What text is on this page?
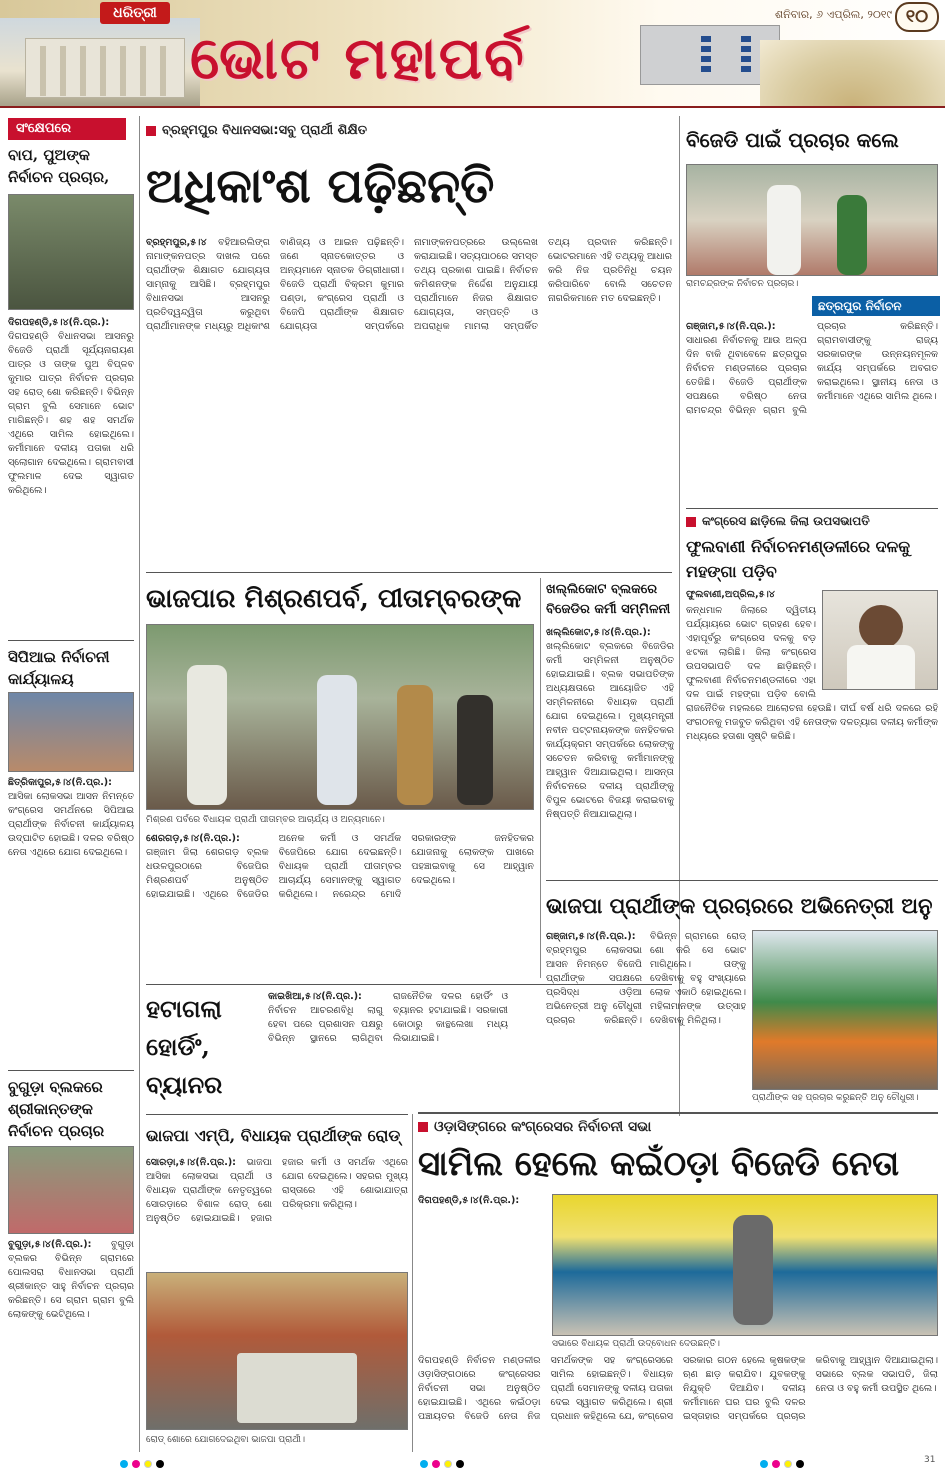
ଧରିତ୍ରୀ
ଭୋଟ ମହାପର୍ବ
ଶନିବାର, ୬ ଏପ୍ରିଲ, ୨୦୧୯ ୧୦
ସଂକ୍ଷେପରେ
ବାପ, ପୁଅଙ୍କ ନିର୍ବାଚନ ପ୍ରଚାର,
ଦିଗପହଣ୍ଡି,୫।୪(ନି.ପ୍ର.): ଦିଗପହଣ୍ଡି ବିଧାନସଭା ଆସନରୁ ବିଜେଡି ପ୍ରାର୍ଥୀ ସୂର୍ଯ୍ୟନାରାୟଣ ପାତ୍ର ଓ ତାଙ୍କ ପୁଅ ବିପ୍ଳବ କୁମାର ପାତ୍ର ନିର୍ବାଚନ ପ୍ରଚାର ସହ ରୋଡ୍ ଶୋ କରିଛନ୍ତି। ବିଭିନ୍ନ ଗ୍ରାମ ବୁଲି ସେମାନେ ଭୋଟ ମାଗିଛନ୍ତି। ଶହ ଶହ ସମର୍ଥକ ଏଥିରେ ସାମିଲ ହୋଇଥିଲେ। କର୍ମୀମାନେ ଦଳୀୟ ପତାକା ଧରି ସ୍ଲୋଗାନ ଦେଇଥିଲେ। ଗ୍ରାମବାସୀ ଫୁଲମାଳ ଦେଇ ସ୍ୱାଗତ କରିଥିଲେ।
ସିପିଆଇ ନିର୍ବାଚନୀ କାର୍ଯ୍ୟାଳୟ
ଛିତ୍ରିକାପୁର,୫।୪(ନି.ପ୍ର.): ଆସିକା ଲୋକସଭା ଆସନ ନିମନ୍ତେ କଂଗ୍ରେସ ସମର୍ଥନରେ ସିପିଆଇ ପ୍ରାର୍ଥୀଙ୍କ ନିର୍ବାଚନୀ କାର୍ଯ୍ୟାଳୟ ଉଦ୍‌ଘାଟିତ ହୋଇଛି। ଦଳର ବରିଷ୍ଠ ନେତା ଏଥିରେ ଯୋଗ ଦେଇଥିଲେ।
ବୁଗୁଡ଼ା ବ୍ଲକରେ ଶ୍ରୀକାନ୍ତଙ୍କ ନିର୍ବାଚନ ପ୍ରଚାର
ବୁଗୁଡ଼ା,୫।୪(ନି.ପ୍ର.): ବୁଗୁଡ଼ା ବ୍ଲକର ବିଭିନ୍ନ ଗ୍ରାମରେ ପୋଲସରା ବିଧାନସଭା ପ୍ରାର୍ଥୀ ଶ୍ରୀକାନ୍ତ ସାହୁ ନିର୍ବାଚନ ପ୍ରଚାର କରିଛନ୍ତି। ସେ ଗ୍ରାମ ଗ୍ରାମ ବୁଲି ଲୋକଙ୍କୁ ଭେଟିଥିଲେ।
ବ୍ରହ୍ମପୁର ବିଧାନସଭା:ସବୁ ପ୍ରାର୍ଥୀ ଶିକ୍ଷିତ
ଅଧିକାଂଶ ପଢ଼ିଛନ୍ତି
ବ୍ରହ୍ମପୁର,୫।୪ ବହିଆରଲିଙ୍ଗ ନାମାଙ୍କନପତ୍ର ଦାଖଲ ପରେ ପ୍ରାର୍ଥୀଙ୍କ ଶିକ୍ଷାଗତ ଯୋଗ୍ୟତା ସାମ୍ନାକୁ ଆସିଛି। ବ୍ରହ୍ମପୁର ବିଧାନସଭା ଆସନରୁ ପ୍ରତିଦ୍ୱନ୍ଦ୍ୱିତା କରୁଥିବା ପ୍ରାର୍ଥୀମାନଙ୍କ ମଧ୍ୟରୁ ଅଧିକାଂଶ ବାଣିଜ୍ୟ ଓ ଆଇନ ପଢ଼ିଛନ୍ତି। ଜଣେ ସ୍ନାତକୋତ୍ତର ଓ ଅନ୍ୟମାନେ ସ୍ନାତକ ଡିଗ୍ରୀଧାରୀ। ବିଜେଡି ପ୍ରାର୍ଥୀ ବିକ୍ରମ କୁମାର ପଣ୍ଡା, କଂଗ୍ରେସ ପ୍ରାର୍ଥୀ ଓ ବିଜେପି ପ୍ରାର୍ଥୀଙ୍କ ଶିକ୍ଷାଗତ ଯୋଗ୍ୟତା ସମ୍ପର୍କରେ ନାମାଙ୍କନପତ୍ରରେ ଉଲ୍ଲେଖ କରାଯାଇଛି। ସତ୍ୟପାଠରେ ସମସ୍ତ ତଥ୍ୟ ପ୍ରକାଶ ପାଇଛି। ନିର୍ବାଚନ କମିଶନଙ୍କ ନିର୍ଦ୍ଦେଶ ଅନୁଯାୟୀ ପ୍ରାର୍ଥୀମାନେ ନିଜର ଶିକ୍ଷାଗତ ଯୋଗ୍ୟତା, ସମ୍ପତ୍ତି ଓ ଅପରାଧିକ ମାମଲା ସମ୍ପର୍କିତ ତଥ୍ୟ ପ୍ରଦାନ କରିଛନ୍ତି। ଭୋଟରମାନେ ଏହି ତଥ୍ୟକୁ ଆଧାର କରି ନିଜ ପ୍ରତିନିଧି ଚୟନ କରିପାରିବେ ବୋଲି ସଚେତନ ନାଗରିକମାନେ ମତ ଦେଇଛନ୍ତି।
ଭାଜପାର ମିଶ୍ରଣପର୍ବ, ପୀତାମ୍ବରଙ୍କ
ମିଶ୍ରଣ ପର୍ବରେ ବିଧାୟକ ପ୍ରାର୍ଥୀ ପୀତାମ୍ବର ଆଚାର୍ଯ୍ୟ ଓ ଅନ୍ୟମାନେ।
ଶେରଗଡ଼,୫।୪(ନି.ପ୍ର.): ଗଞ୍ଜାମ ଜିଲା ଶେରଗଡ଼ ବ୍ଲକ ଧଉଳପୁରଠାରେ ବିଜେପିର ମିଶ୍ରଣପର୍ବ ଅନୁଷ୍ଠିତ ହୋଇଯାଇଛି। ଏଥିରେ ବିଜେଡିର ଅନେକ କର୍ମୀ ଓ ସମର୍ଥକ ବିଜେପିରେ ଯୋଗ ଦେଇଛନ୍ତି। ବିଧାୟକ ପ୍ରାର୍ଥୀ ପୀତାମ୍ବର ଆଚାର୍ଯ୍ୟ ସେମାନଙ୍କୁ ସ୍ୱାଗତ କରିଥିଲେ। ନରେନ୍ଦ୍ର ମୋଦି ସରକାରଙ୍କ ଜନହିତକର ଯୋଜନାକୁ ଲୋକଙ୍କ ପାଖରେ ପହଞ୍ଚାଇବାକୁ ସେ ଆହ୍ୱାନ ଦେଇଥିଲେ।
ଖଲ୍ଲିକୋଟ ବ୍ଲକରେ ବିଜେଡିର କର୍ମୀ ସମ୍ମିଳନୀ
ଖଲ୍ଲିକୋଟ,୫।୪(ନି.ପ୍ର.): ଖଲ୍ଲିକୋଟ ବ୍ଲକରେ ବିଜେଡିର କର୍ମୀ ସମ୍ମିଳନୀ ଅନୁଷ୍ଠିତ ହୋଇଯାଇଛି। ବ୍ଲକ ସଭାପତିଙ୍କ ଅଧ୍ୟକ୍ଷତାରେ ଆୟୋଜିତ ଏହି ସମ୍ମିଳନୀରେ ବିଧାୟକ ପ୍ରାର୍ଥୀ ଯୋଗ ଦେଇଥିଲେ। ମୁଖ୍ୟମନ୍ତ୍ରୀ ନବୀନ ପଟ୍ଟନାୟକଙ୍କ ଜନହିତକର କାର୍ଯ୍ୟକ୍ରମ ସମ୍ପର୍କରେ ଲୋକଙ୍କୁ ସଚେତନ କରିବାକୁ କର୍ମୀମାନଙ୍କୁ ଆହ୍ୱାନ ଦିଆଯାଇଥିଲା। ଆସନ୍ତା ନିର୍ବାଚନରେ ଦଳୀୟ ପ୍ରାର୍ଥୀଙ୍କୁ ବିପୁଳ ଭୋଟରେ ବିଜୟୀ କରାଇବାକୁ ନିଷ୍ପତ୍ତି ନିଆଯାଇଥିଲା।
ହଟାଗଲା ହୋର୍ଡିଂ, ବ୍ୟାନର
କାଇଖିଆ,୫।୪(ନି.ପ୍ର.): ନିର୍ବାଚନ ଆଚରଣବିଧି ଲାଗୁ ହେବା ପରେ ପ୍ରଶାସନ ପକ୍ଷରୁ ବିଭିନ୍ନ ସ୍ଥାନରେ ଲାଗିଥିବା ରାଜନୈତିକ ଦଳର ହୋର୍ଡିଂ ଓ ବ୍ୟାନର ହଟାଯାଇଛି। ସରକାରୀ କୋଠାରୁ କାନ୍ଥଲେଖା ମଧ୍ୟ ଲିଭାଯାଇଛି।
ଭାଜପା ଏମ୍‌ପି, ବିଧାୟକ ପ୍ରାର୍ଥୀଙ୍କ ରୋଡ୍
ସୋରଡ଼ା,୫।୪(ନି.ପ୍ର.): ଭାଜପା ଆସିକା ଲୋକସଭା ପ୍ରାର୍ଥୀ ଓ ବିଧାୟକ ପ୍ରାର୍ଥୀଙ୍କ ନେତୃତ୍ୱରେ ସୋରଡ଼ାରେ ବିଶାଳ ରୋଡ୍ ଶୋ ଅନୁଷ୍ଠିତ ହୋଇଯାଇଛି। ହଜାର ହଜାର କର୍ମୀ ଓ ସମର୍ଥକ ଏଥିରେ ଯୋଗ ଦେଇଥିଲେ। ସହରର ମୁଖ୍ୟ ରାସ୍ତାରେ ଏହି ଶୋଭାଯାତ୍ରା ପରିକ୍ରମା କରିଥିଲା।
ରୋଡ୍ ଶୋରେ ଯୋଗଦେଇଥିବା ଭାଜପା ପ୍ରାର୍ଥୀ।
ବିଜେଡି ପାଇଁ ପ୍ରଚାର କଲେ
ରାମଚନ୍ଦ୍ରଙ୍କ ନିର୍ବାଚନ ପ୍ରଚାର।
ଛତ୍ରପୁର ନିର୍ବାଚନ
ଗଞ୍ଜାମ,୫।୪(ନି.ପ୍ର.): ସାଧାରଣ ନିର୍ବାଚନକୁ ଆଉ ଅଳ୍ପ ଦିନ ବାକି ଥିବାବେଳେ ଛତ୍ରପୁର ନିର୍ବାଚନ ମଣ୍ଡଳୀରେ ପ୍ରଚାର ତେଜିଛି। ବିଜେଡି ପ୍ରାର୍ଥୀଙ୍କ ସପକ୍ଷରେ ବରିଷ୍ଠ ନେତା ରାମଚନ୍ଦ୍ର ବିଭିନ୍ନ ଗ୍ରାମ ବୁଲି ପ୍ରଚାର କରିଛନ୍ତି। ଗ୍ରାମବାସୀଙ୍କୁ ରାଜ୍ୟ ସରକାରଙ୍କ ଉନ୍ନୟନମୂଳକ କାର୍ଯ୍ୟ ସମ୍ପର୍କରେ ଅବଗତ କରାଇଥିଲେ। ସ୍ଥାନୀୟ ନେତା ଓ କର୍ମୀମାନେ ଏଥିରେ ସାମିଲ ଥିଲେ।
କଂଗ୍ରେସ ଛାଡ଼ିଲେ ଜିଲା ଉପସଭାପତି
ଫୁଲବାଣୀ ନିର୍ବାଚନମଣ୍ଡଳୀରେ ଦଳକୁ ମହଙ୍ଗା ପଡ଼ିବ
ଫୁଲବାଣୀ,ଅପ୍ରିଲ,୫।୪
କନ୍ଧମାଳ ଜିଲାରେ ଦ୍ୱିତୀୟ ପର୍ଯ୍ୟାୟରେ ଭୋଟ ଗ୍ରହଣ ହେବ। ଏହାପୂର୍ବରୁ କଂଗ୍ରେସ ଦଳକୁ ବଡ଼ ଝଟକା ଲାଗିଛି। ଜିଲା କଂଗ୍ରେସ ଉପସଭାପତି ଦଳ ଛାଡ଼ିଛନ୍ତି। ଫୁଲବାଣୀ ନିର୍ବାଚନମଣ୍ଡଳୀରେ ଏହା ଦଳ ପାଇଁ ମହଙ୍ଗା ପଡ଼ିବ ବୋଲି ରାଜନୈତିକ ମହଲରେ ଆଲୋଚନା ହେଉଛି। ଦୀର୍ଘ ବର୍ଷ ଧରି ଦଳରେ ରହି ସଂଗଠନକୁ ମଜବୁତ କରିଥିବା ଏହି ନେତାଙ୍କ ଦଳତ୍ୟାଗ ଦଳୀୟ କର୍ମୀଙ୍କ ମଧ୍ୟରେ ହତାଶା ସୃଷ୍ଟି କରିଛି।
ଭାଜପା ପ୍ରାର୍ଥୀଙ୍କ ପ୍ରଚାରରେ ଅଭିନେତ୍ରୀ ଅନୁ
ଗଞ୍ଜାମ,୫।୪(ନି.ପ୍ର.): ବ୍ରହ୍ମପୁର ଲୋକସଭା ଆସନ ନିମନ୍ତେ ବିଜେପି ପ୍ରାର୍ଥୀଙ୍କ ସପକ୍ଷରେ ପ୍ରସିଦ୍ଧ ଓଡ଼ିଆ ଅଭିନେତ୍ରୀ ଅନୁ ଚୌଧୁରୀ ପ୍ରଚାର କରିଛନ୍ତି। ବିଭିନ୍ନ ଗ୍ରାମରେ ରୋଡ୍ ଶୋ କରି ସେ ଭୋଟ ମାଗିଥିଲେ। ତାଙ୍କୁ ଦେଖିବାକୁ ବହୁ ସଂଖ୍ୟାରେ ଲୋକ ଏକାଠି ହୋଇଥିଲେ। ମହିଳାମାନଙ୍କ ଉତ୍ସାହ ଦେଖିବାକୁ ମିଳିଥିଲା।
ପ୍ରାର୍ଥୀଙ୍କ ସହ ପ୍ରଚାର କରୁଛନ୍ତି ଅନୁ ଚୌଧୁରୀ।
ଓଡ଼ାସିଙ୍ଗରେ କଂଗ୍ରେସର ନିର୍ବାଚନୀ ସଭା
ସାମିଲ ହେଲେ କଇଁଠଡ଼ା ବିଜେଡି ନେତା
ଦିଗପହଣ୍ଡି,୫।୪(ନି.ପ୍ର.):
ସଭାରେ ବିଧାୟକ ପ୍ରାର୍ଥୀ ଉଦ୍‌ବୋଧନ ଦେଉଛନ୍ତି।
ଦିଗପହଣ୍ଡି ନିର୍ବାଚନ ମଣ୍ଡଳୀର ଓଡ଼ାସିଙ୍ଗଠାରେ କଂଗ୍ରେସର ନିର୍ବାଚନୀ ସଭା ଅନୁଷ୍ଠିତ ହୋଇଯାଇଛି। ଏଥିରେ କଇଁଠଡ଼ା ପଞ୍ଚାୟତର ବିଜେଡି ନେତା ନିଜ ସମର୍ଥକଙ୍କ ସହ କଂଗ୍ରେସରେ ସାମିଲ ହୋଇଛନ୍ତି। ବିଧାୟକ ପ୍ରାର୍ଥୀ ସେମାନଙ୍କୁ ଦଳୀୟ ପତାକା ଦେଇ ସ୍ୱାଗତ କରିଥିଲେ। ଶ୍ରୀ ପ୍ରଧାନ କହିଥିଲେ ଯେ, କଂଗ୍ରେସ ସରକାର ଗଠନ ହେଲେ କୃଷକଙ୍କ ଋଣ ଛାଡ଼ କରାଯିବ। ଯୁବକଙ୍କୁ ନିଯୁକ୍ତି ଦିଆଯିବ। ଦଳୀୟ କର୍ମୀମାନେ ଘର ଘର ବୁଲି ଦଳର ଇସ୍ତାହାର ସମ୍ପର୍କରେ ପ୍ରଚାର କରିବାକୁ ଆହ୍ୱାନ ଦିଆଯାଇଥିଲା। ସଭାରେ ବ୍ଲକ ସଭାପତି, ଜିଲା ନେତା ଓ ବହୁ କର୍ମୀ ଉପସ୍ଥିତ ଥିଲେ।
31
